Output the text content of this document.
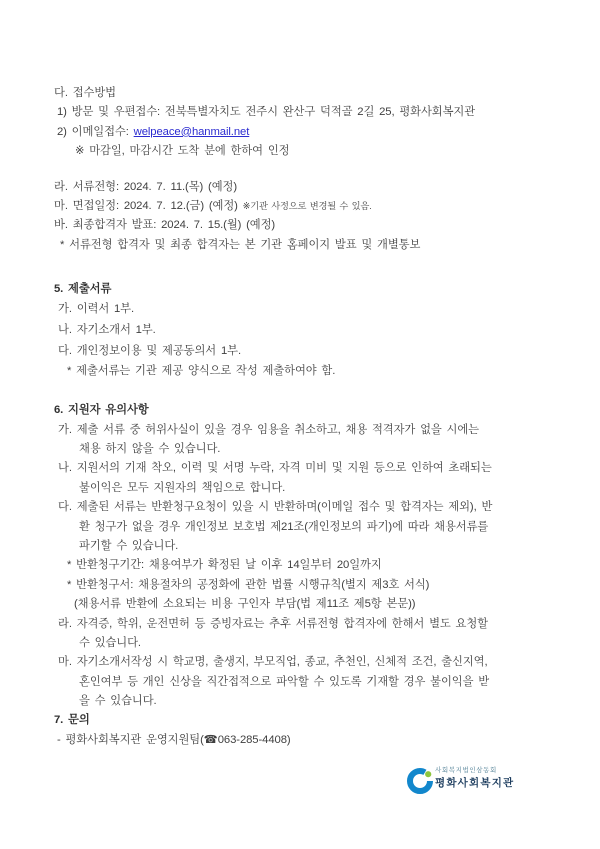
다. 접수방법
1) 방문 및 우편접수: 전북특별자치도 전주시 완산구 덕적골 2길 25, 평화사회복지관
2) 이메일접수: welpeace@hanmail.net
※ 마감일, 마감시간 도착 분에 한하여 인정
라. 서류전형: 2024. 7. 11.(목) (예정)
마. 면접일정: 2024. 7. 12.(금) (예정) ※기관 사정으로 변경될 수 있음.
바. 최종합격자 발표: 2024. 7. 15.(월) (예정)
* 서류전형 합격자 및 최종 합격자는 본 기관 홈페이지 발표 및 개별통보
5. 제출서류
가. 이력서 1부.
나. 자기소개서 1부.
다. 개인정보이용 및 제공동의서 1부.
* 제출서류는 기관 제공 양식으로 작성 제출하여야 함.
6. 지원자 유의사항
가. 제출 서류 중 허위사실이 있을 경우 임용을 취소하고, 채용 적격자가 없을 시에는
채용 하지 않을 수 있습니다.
나. 지원서의 기재 착오, 이력 및 서명 누락, 자격 미비 및 지원 등으로 인하여 초래되는
불이익은 모두 지원자의 책임으로 합니다.
다. 제출된 서류는 반환청구요청이 있을 시 반환하며(이메일 접수 및 합격자는 제외), 반
환 청구가 없을 경우 개인정보 보호법 제21조(개인정보의 파기)에 따라 채용서류를
파기할 수 있습니다.
* 반환청구기간: 채용여부가 확정된 날 이후 14일부터 20일까지
* 반환청구서: 채용절차의 공정화에 관한 법률 시행규칙(별지 제3호 서식)
(채용서류 반환에 소요되는 비용 구인자 부담(법 제11조 제5항 본문))
라. 자격증, 학위, 운전면허 등 증빙자료는 추후 서류전형 합격자에 한해서 별도 요청할
수 있습니다.
마. 자기소개서작성 시 학교명, 출생지, 부모직업, 종교, 추천인, 신체적 조건, 출신지역,
혼인여부 등 개인 신상을 직간접적으로 파악할 수 있도록 기재할 경우 불이익을 받
을 수 있습니다.
7. 문의
- 평화사회복지관 운영지원팀(☎063-285-4408)
사회복지법인삼동회
평화사회복지관
